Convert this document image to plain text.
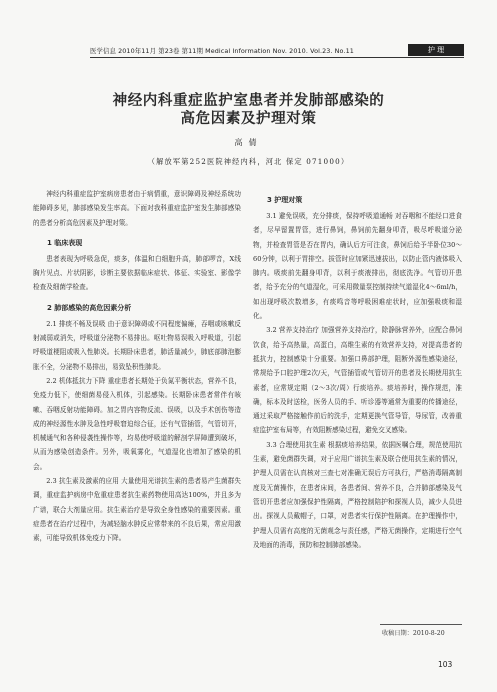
医学信息 2010年11月 第23卷 第11期 Medical Information Nov. 2010. Vol.23. No.11	护 理
神经内科重症监护室患者并发肺部感染的
高危因素及护理对策
高倩
（解放军第252医院神经内科，河北 保定 071000）

神经内科重症监护室病房患者由于病情重，意识障碍及神经系统功能障碍多见，肺部感染发生率高。下面对我科重症监护室发生肺部感染的患者分析高危因素及护理对策。

1 临床表现

患者表现为呼吸急促，痰多，体温和白细胞升高，肺部啰音，X线胸片见点、片状阴影，诊断主要依据临床症状、体征、实验室、影像学检查及细菌学检查。

2 肺部感染的高危因素分析

2.1 排痰不畅及误吸 由于意识障碍或不同程度偏瘫，吞咽或咳嗽反射减弱或消失，呼吸道分泌物不易排出。呕吐物易误吸入呼吸道，引起呼吸道梗阻或吸入性肺炎。长期卧床患者，肺活量减少，肺底部肺泡膨胀不全，分泌物不易排出，易致坠积性肺炎。

2.2 机体抵抗力下降 重症患者长期处于负氮平衡状态，营养不良，免疫力低下，使细菌易侵入机体，引起感染。长期卧床患者常伴有咳嗽、吞咽反射功能障碍。加之胃内容物反流、误吸，以及手术创伤等造成的神经源性水肿及急性呼吸窘迫综合征，还有气管插管，气管切开，机械通气和各种侵袭性操作等，均易使呼吸道的解剖学屏障遭到破坏，从而为感染创造条件。另外，吸氧雾化，气道湿化也增加了感染的机会。

2.3 抗生素及激素的应用 大量使用光谱抗生素的患者易产生菌群失调，重症监护病房中危重症患者抗生素药物使用高达100%，并且多为广谱，联合大剂量应用。抗生素治疗是导致全身性感染的重要因素。重症患者在治疗过程中，为减轻脑水肿反应常带来的不良后果，常应用激素，可能导致机体免疫力下降。

3 护理对策

3.1 避免误吸，充分排痰，保持呼吸道通畅 对吞咽和不能经口进食者，尽早留置胃管，进行鼻饲，鼻饲前先翻身叩背，吸尽呼吸道分泌物，并检查胃管是否在胃内，确认后方可注食，鼻饲后给予半卧位30～60分钟，以利于胃排空。拔管时应加紧迅速拔出，以防止管内液体吸入肺内。吸痰前先翻身叩背，以利于痰液排出，彻底洗净。气管切开患者，给予充分的气道湿化，可采用微量泵控制持续气道湿化4～6ml/h，如出现呼吸次数增多，有痰鸣音等呼吸困难症状时，应加强吸痰和湿化。

3.2 营养支持治疗 加强营养支持治疗，除静脉营养外，应配合鼻饲饮食，给予高热量，高蛋白，高维生素的有效营养支持，对提高患者的抵抗力，控制感染十分重要。加强口鼻部护理，阻断外源性感染途径，常规给予口腔护理2次/天，气管插管或气管切开的患者及长期使用抗生素者，应常规定期（2～3次/周）行痰培养。痰培养时，操作规范，准确，标本及时送检，医务人员的手、听诊器等通常为重要的传播途径，通过采取严格接触作前后的洗手，定期更换气管导管，导尿管，改善重症监护室布局等，有效阻断感染过程，避免交叉感染。

3.3 合理使用抗生素 根据痰培养结果，依据医嘱合理，规范使用抗生素，避免菌群失调，对于应用广谱抗生素及联合使用抗生素的情况，护理人员需在认真核对三查七对准确无误后方可执行，严格消毒隔离制度及无菌操作，在患者床间，各患者间、营养不良，合并肺部感染及气管切开患者应加强保护性隔离，严格控制陪护和探视人员，减少人员进出。探视人员戴帽子，口罩，对患者实行保护性隔离。在护理操作中，护理人员需有高度的无菌观念与责任感，严格无菌操作，定期进行空气及地面的消毒，预防和控制肺部感染。

收稿日期：2010-8-20
103
